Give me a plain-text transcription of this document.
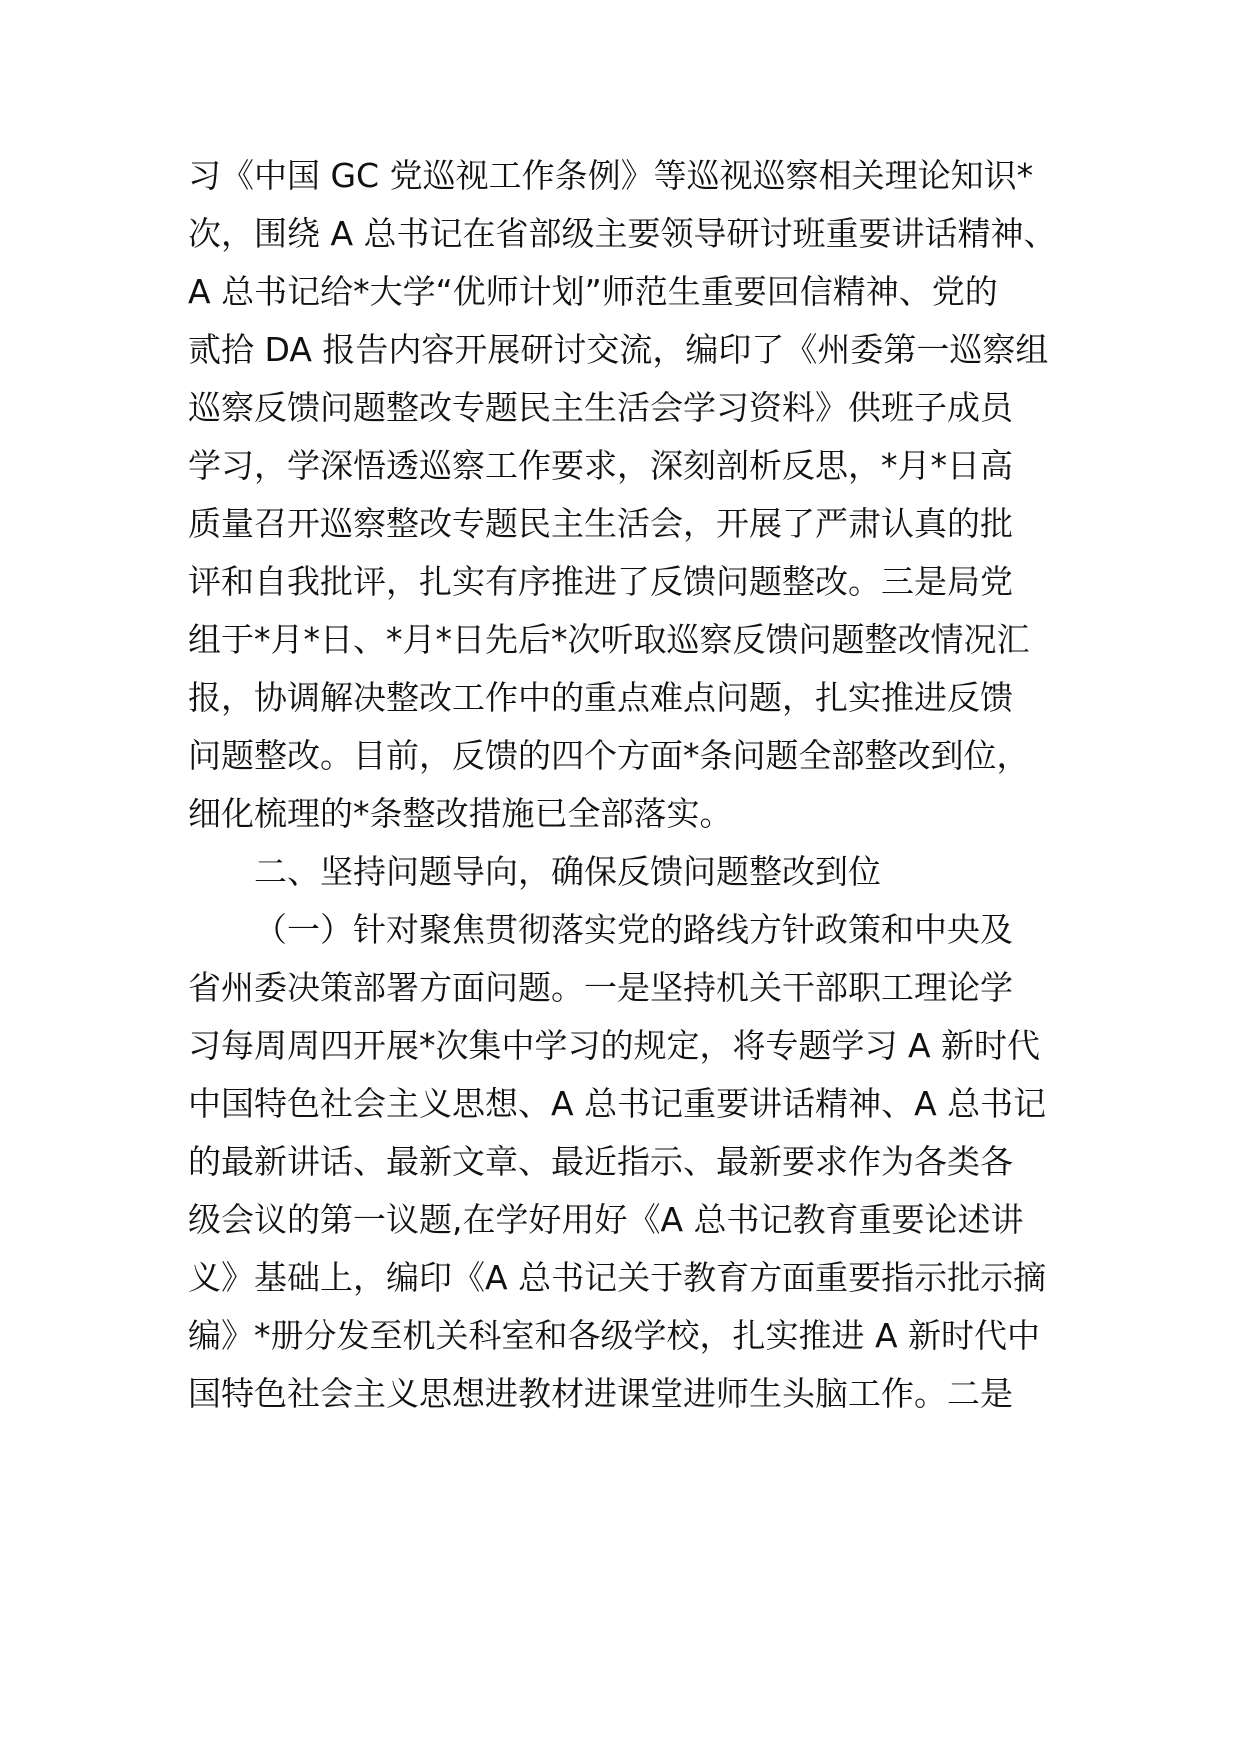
习《中国 GC 党巡视工作条例》等巡视巡察相关理论知识*
次，围绕 A 总书记在省部级主要领导研讨班重要讲话精神、
A 总书记给*大学“优师计划”师范生重要回信精神、党的
贰拾 DA 报告内容开展研讨交流，编印了《州委第一巡察组
巡察反馈问题整改专题民主生活会学习资料》供班子成员
学习，学深悟透巡察工作要求，深刻剖析反思，*月*日高
质量召开巡察整改专题民主生活会，开展了严肃认真的批
评和自我批评，扎实有序推进了反馈问题整改。三是局党
组于*月*日、*月*日先后*次听取巡察反馈问题整改情况汇
报，协调解决整改工作中的重点难点问题，扎实推进反馈
问题整改。目前，反馈的四个方面*条问题全部整改到位，
细化梳理的*条整改措施已全部落实。
二、坚持问题导向，确保反馈问题整改到位
（一）针对聚焦贯彻落实党的路线方针政策和中央及
省州委决策部署方面问题。一是坚持机关干部职工理论学
习每周周四开展*次集中学习的规定，将专题学习 A 新时代
中国特色社会主义思想、A 总书记重要讲话精神、A 总书记
的最新讲话、最新文章、最近指示、最新要求作为各类各
级会议的第一议题,在学好用好《A 总书记教育重要论述讲
义》基础上，编印《A 总书记关于教育方面重要指示批示摘
编》*册分发至机关科室和各级学校，扎实推进 A 新时代中
国特色社会主义思想进教材进课堂进师生头脑工作。二是
